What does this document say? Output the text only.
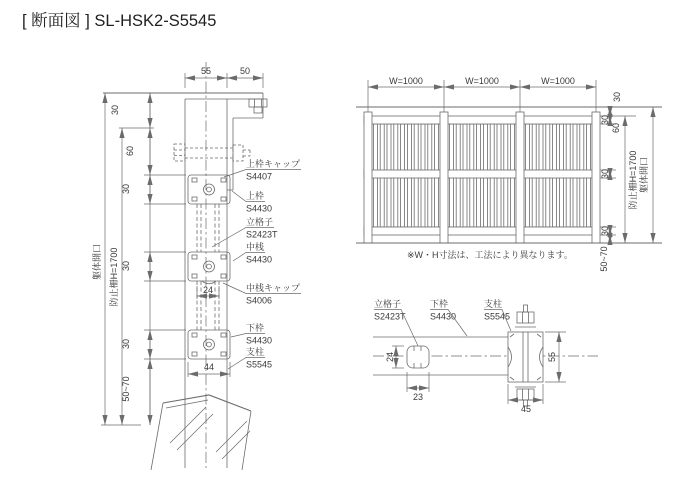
[ 断面図 ] SL-HSK2-S5545
55	50
24
44
30
60
30
30
30
50~70
防止柵H=1700
躯体開口
上枠キャップ
S4407
上枠
S4430
立格子
S2423T
中桟
S4430
中桟キャップ
S4006
下枠
S4430
支柱
S5545
W=1000	W=1000	W=1000
30
30
60
30
30
50~70
防止柵H=1700 躯体開口
※W・H寸法は、工法により異なります。
立格子
S2423T
下枠
S4430
支柱
S5545
24
23
55
45
